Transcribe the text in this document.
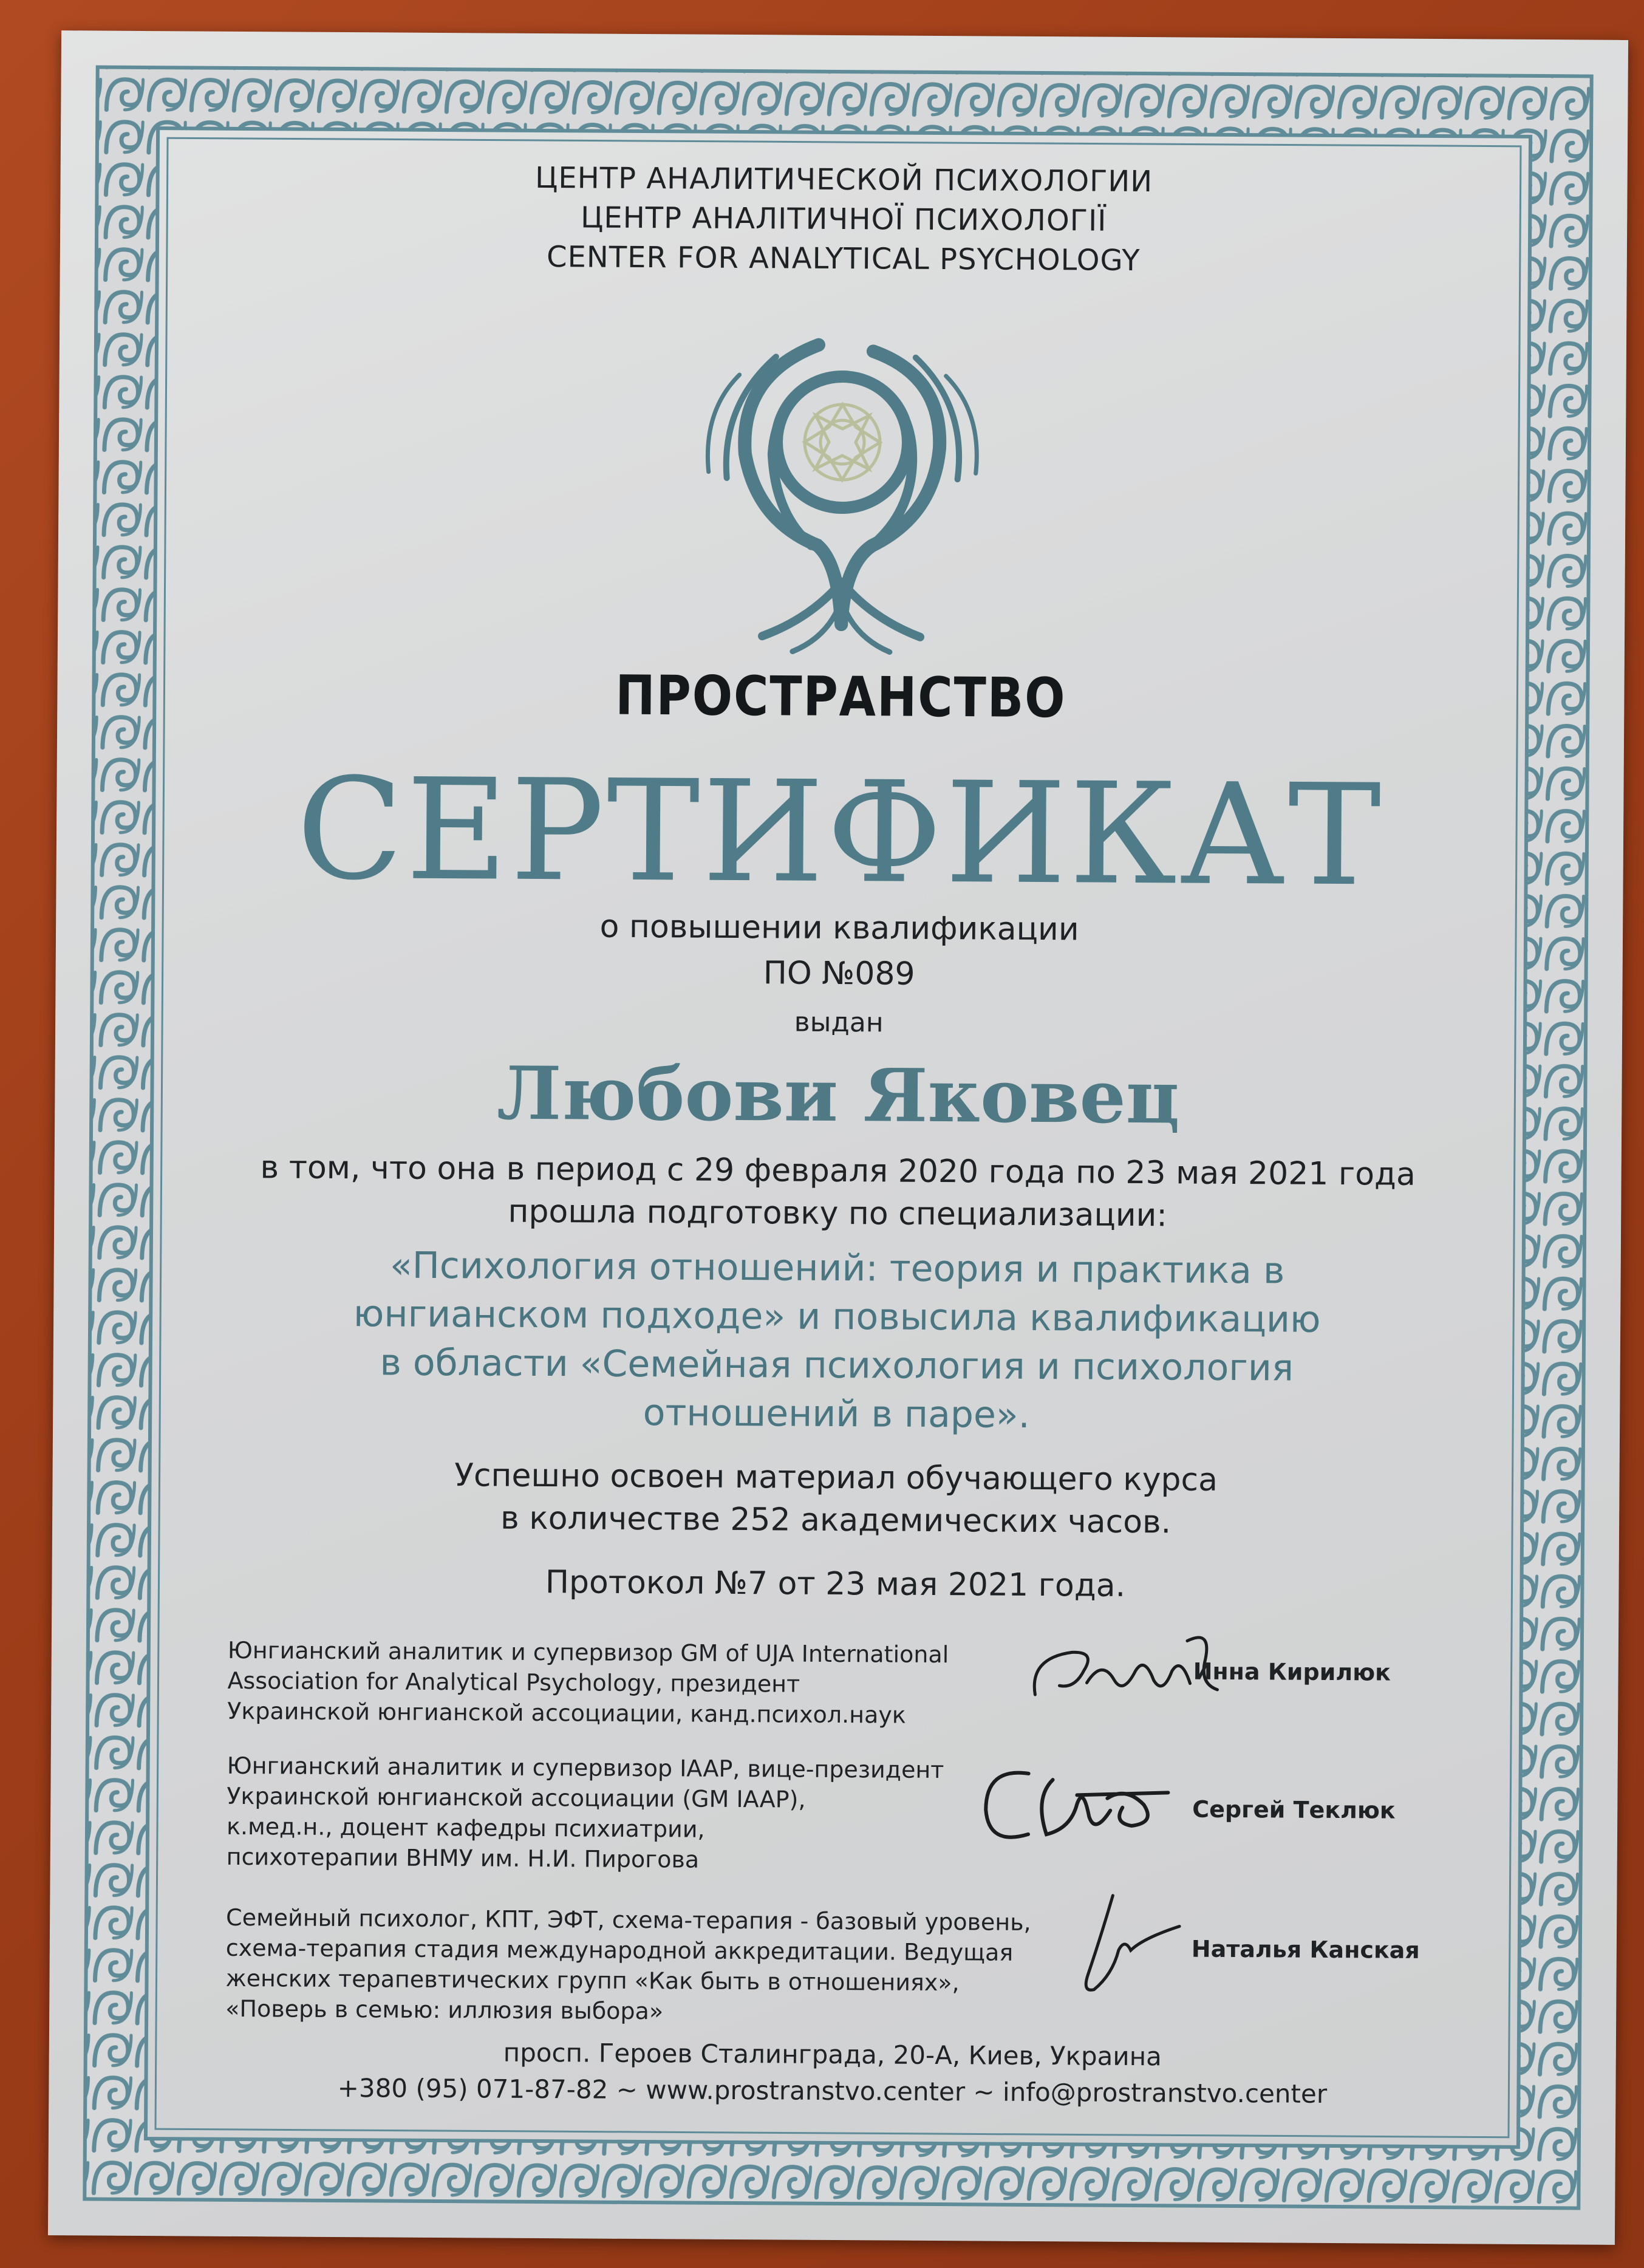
ЦЕНТР АНАЛИТИЧЕСКОЙ ПСИХОЛОГИИ
ЦЕНТР АНАЛІТИЧНОЇ ПСИХОЛОГІЇ
CENTER FOR ANALYTICAL PSYCHOLOGY
ПРОСТРАНСТВО
СЕРТИФИКАТ
о повышении квалификации
ПО №089
выдан
Любови Яковец
в том, что она в период с 29 февраля 2020 года по 23 мая 2021 года
прошла подготовку по специализации:
«Психология отношений: теория и практика в
юнгианском подходе» и повысила квалификацию
в области «Семейная психология и психология
отношений в паре».
Успешно освоен материал обучающего курса
в количестве 252 академических часов.
Протокол №7 от 23 мая 2021 года.
Юнгианский аналитик и супервизор GM of UJA International
Association for Analytical Psychology, президент
Украинской юнгианской ассоциации, канд.психол.наук
Инна Кирилюк
Юнгианский аналитик и супервизор IAAP, вице-президент
Украинской юнгианской ассоциации (GM IAAP),
к.мед.н., доцент кафедры психиатрии,
психотерапии ВНМУ им. Н.И. Пирогова
Сергей Теклюк
Семейный психолог, КПТ, ЭФТ, схема-терапия - базовый уровень,
схема-терапия стадия международной аккредитации. Ведущая
женских терапевтических групп «Как быть в отношениях»,
«Поверь в семью: иллюзия выбора»
Наталья Канская
просп. Героев Сталинграда, 20-А, Киев, Украина
+380 (95) 071-87-82 ~ www.prostranstvo.center ~ info@prostranstvo.center
